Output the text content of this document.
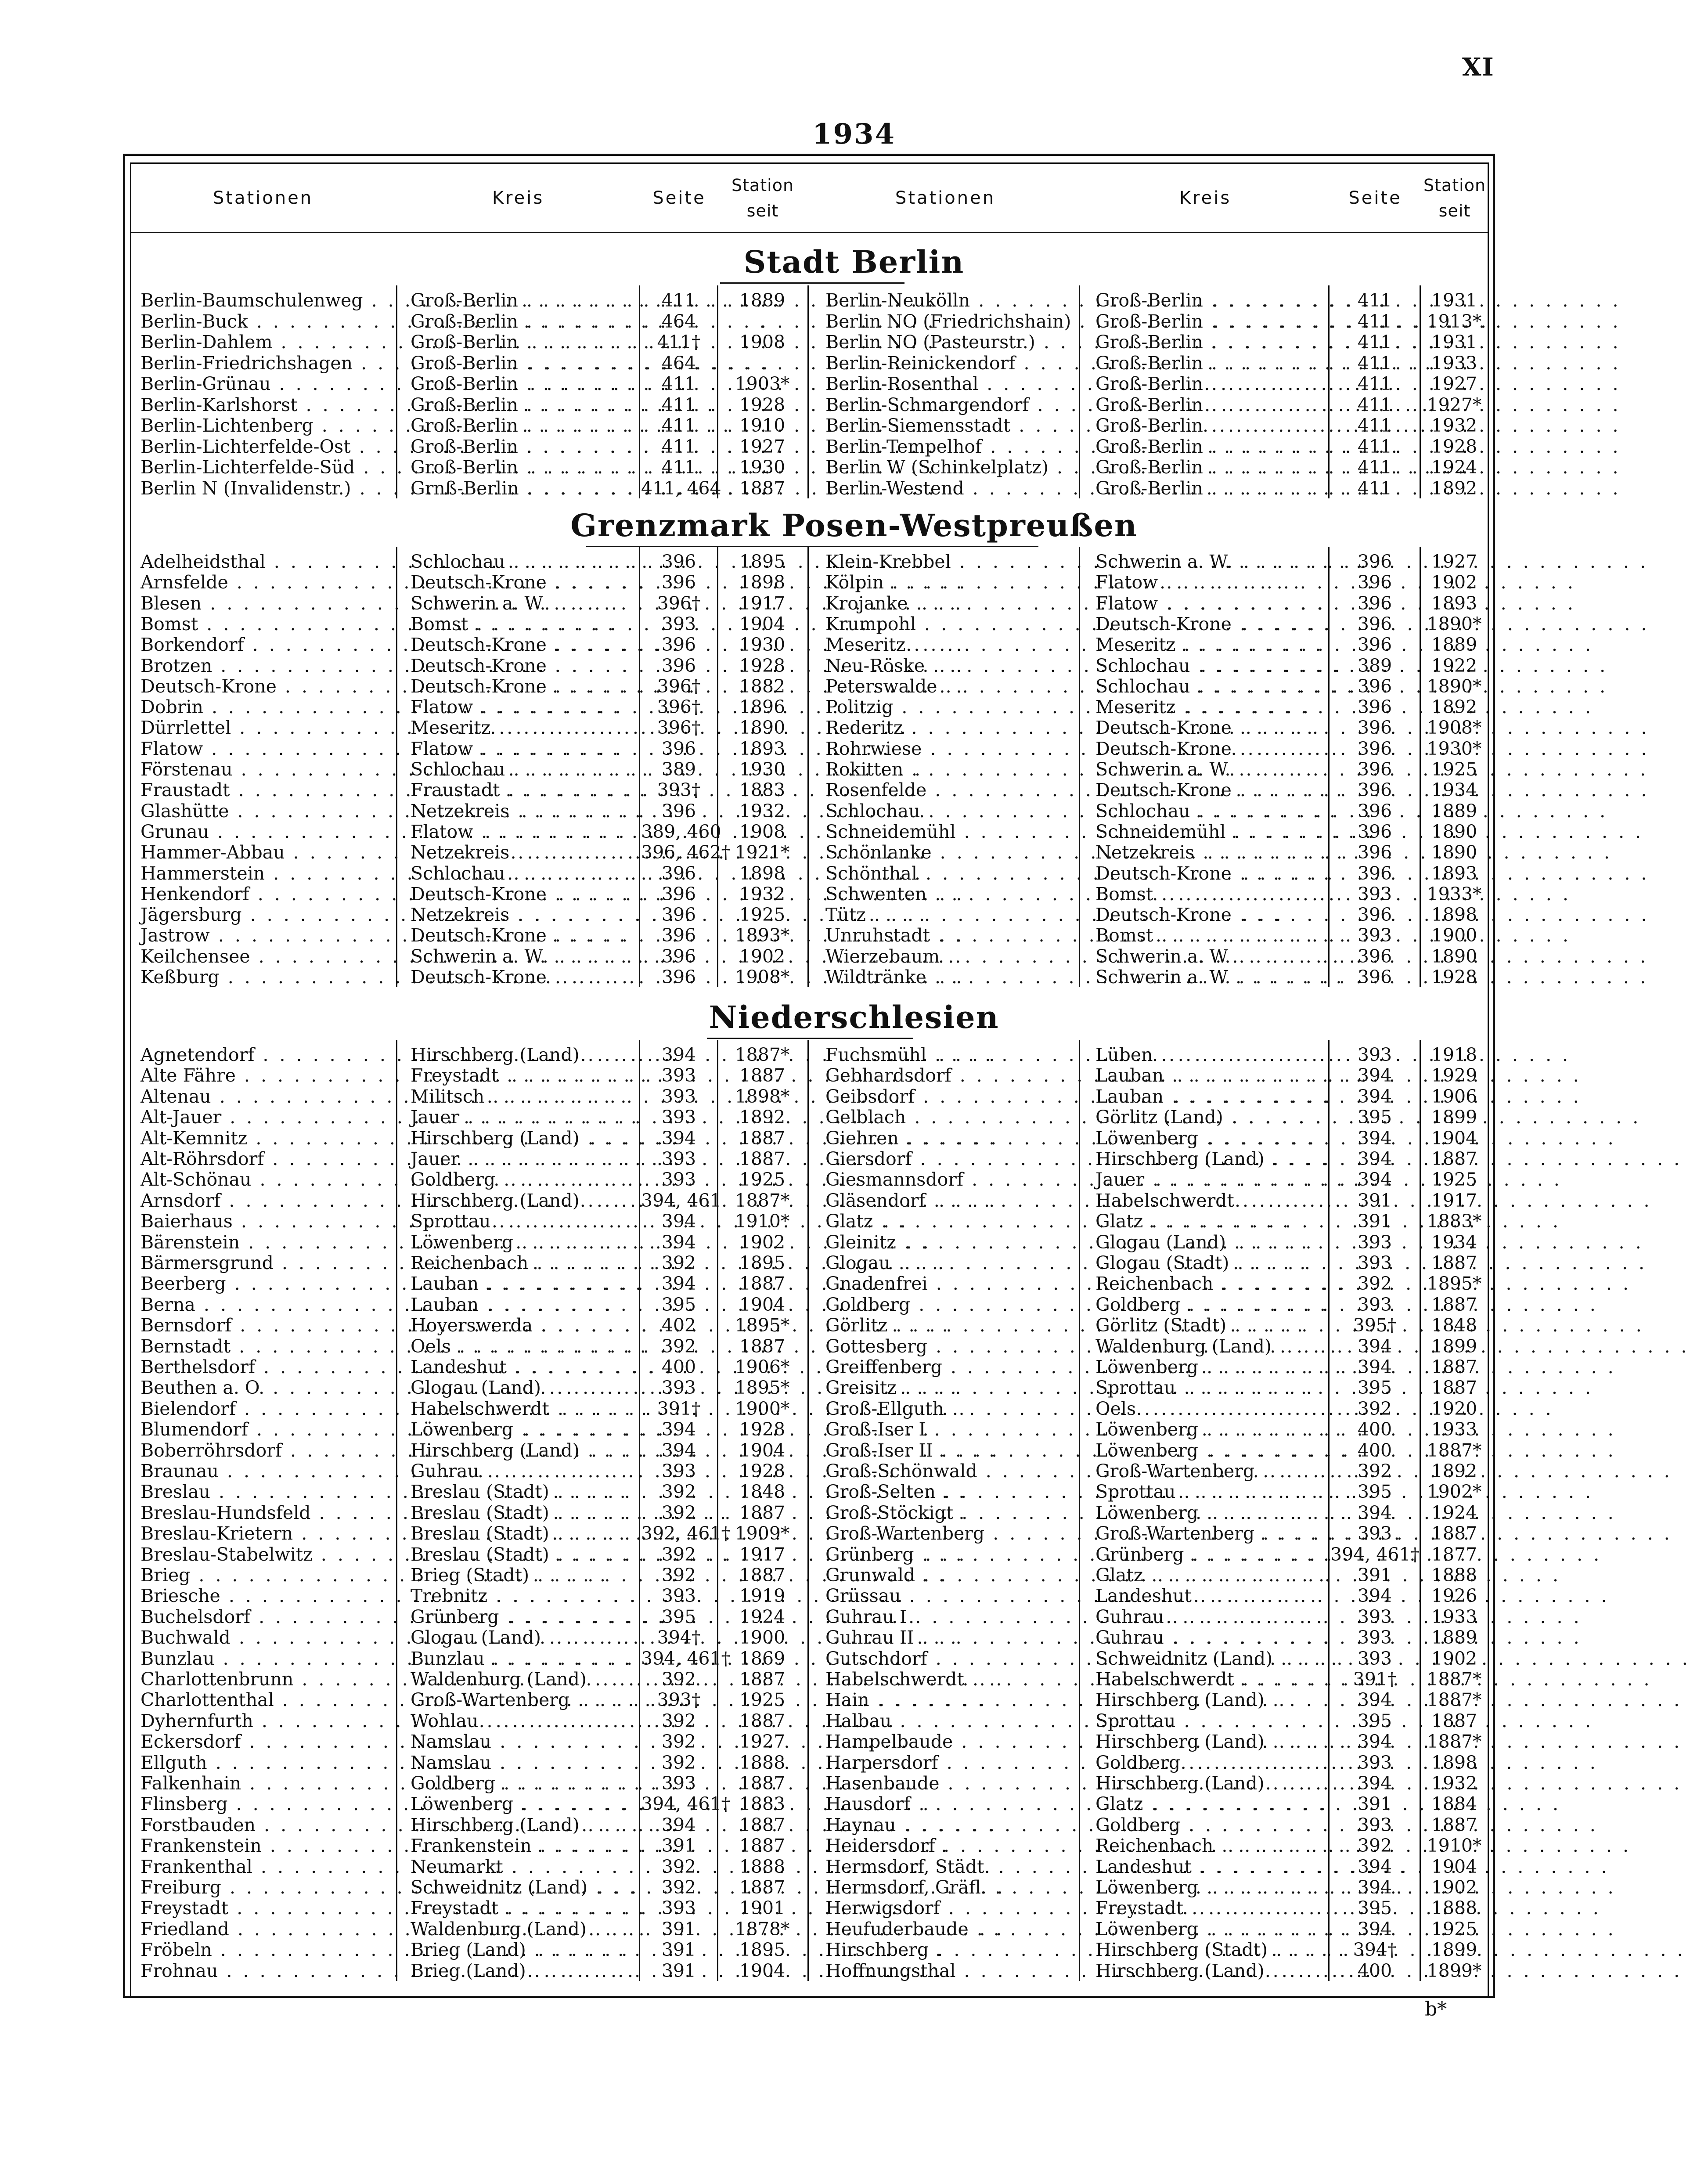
XI
1934
Stationen	Kreis	Seite
Station seit
Stationen	Kreis	Seite
Station seit
Stadt Berlin
Berlin-Baumschulenweg . . .	Groß-Berlin . . .	411	1889
Berlin-Buck . . .	Groß-Berlin . . .	464	.
Berlin-Dahlem . . .	Groß-Berlin . . .	411†	1908
Berlin-Friedrichshagen . . .	Groß-Berlin . . .	464
Berlin-Grünau . . .	Groß-Berlin . . .	411	1903*
Berlin-Karlshorst . . .	Groß-Berlin . . .	411	1928
Berlin-Lichtenberg . . .	Groß-Berlin . . .	411	1910
Berlin-Lichterfelde-Ost . . .	Groß-Berlin . . .	411	1927
Berlin-Lichterfelde-Süd . . .	Groß-Berlin . . .	411	1930
Berlin N (Invalidenstr.) . . .	Grnß-Berlin . . .	411, 464	1887
Berlin-Neukölln . . .	Groß-Berlin . . .	411	1931
Berlin NO (Friedrichshain) . . . Groß-Berlin . . .	411	1913*
Berlin NO (Pasteurstr.) . . .	Groß-Berlin . . .	411	1931
Berlin-Reinickendorf . . .	Groß-Berlin . . .	411	1933
Berlin-Rosenthal . . .	Groß-Berlin . . .	411	1927
Berlin-Schmargendorf . . .	Groß-Berlin . . .	411	1927*
Berlin-Siemensstadt . . .	Groß-Berlin . . .	411	1932
Berlin-Tempelhof . . .	Groß-Berlin . . .	411	1928
Berlin W (Schinkelplatz) . . .	Groß-Berlin . . .	411	1924
Berlin-Westend . . .	Groß-Berlin . . .	411	1892
Grenzmark Posen-Westpreußen
Adelheidsthal . . .	Schlochau . . .	396	1895
Arnsfelde . . .	Deutsch-Krone . . .	396	1898
Blesen . . .	Schwerin a. W. . . .	396†	1917
Bomst . . .	Bomst . . .	393	1904
Borkendorf . . .	Deutsch-Krone . . .	396	1930
Brotzen . . .	Deutsch-Krone . . .	396	1928
Deutsch-Krone . . .	Deutsch-Krone . . .	396†	1882
Dobrin . . .	Flatow . . .	396†	1896
Dürrlettel . . .	Meseritz . . .	396†	1890
Flatow . . .	Flatow . . .	396	1893
Förstenau . . .	Schlochau . . .	389	1930
Fraustadt . . .	Fraustadt . . .	393†	1883
Glashütte . . .	Netzekreis . . .	396	1932
Grunau . . .	Flatow . . .	389, 460	1908
Hammer-Abbau . . .	Netzekreis . . .	396, 462† 1921*
Hammerstein . . .	Schlochau . . .	396	1898
Henkendorf . . .	Deutsch-Krone . . .	396	1932
Jägersburg . . .	Netzekreis . . .	396	1925
Jastrow . . .	Deutsch-Krone . . .	396	1893*
Keilchensee . . .	Schwerin a. W. . . .	396	1902
Keßburg . . .	Deutsch-Krone . . .	396	1908*
Klein-Krebbel . . .	Schwerin a. W. . . .	396	1927
Kölpin . . .	Flatow . . .	396	1902
Krojanke . . .	Flatow . . .	396	1893
Krumpohl . . .	Deutsch-Krone . . .	396	1890*
Meseritz . . .	Meseritz . . .	396	1889
Neu-Röske . . .	Schlochau . . .	389	1922
Peterswalde . . .	Schlochau . . .	396	1890*
Politzig . . .	Meseritz . . .	396	1892
Rederitz . . .	Deutsch-Krone . . .	396	1908*
Rohrwiese . . .	Deutsch-Krone . . .	396	1930*
Rokitten . . .	Schwerin a. W. . . .	396	1925
Rosenfelde . . .	Deutsch-Krone . . .	396	1934
Schlochau . . .	Schlochau . . .	396	1889
Schneidemühl . . .	Schneidemühl . . .	396	1890
Schönlanke . . .	Netzekreis . . .	396	1890
Schönthal . . .	Deutsch-Krone . . .	396	1893
Schwenten . . .	Bomst . . .	393	1933*
Tütz . . .	Deutsch-Krone . . .	396	1898
Unruhstadt . . .	Bomst . . .	393	1900
Wierzebaum . . .	Schwerin a. W. . . .	396	1890
Wildtränke . . .	Schwerin a. W. . . .	396	1928
Niederschlesien
Agnetendorf . . .	Hirschberg (Land) . . .	394	1887*
Alte Fähre . . .	Freystadt . . .	393	1887
Altenau . . .	Militsch . . .	393	1898*
Alt-Jauer . . .	Jauer . . .	393	1892
Alt-Kemnitz . . .	Hirschberg (Land) . . .	394	1887
Alt-Röhrsdorf . . .	Jauer . . .	393	1887
Alt-Schönau . . .	Goldberg . . .	393	1925
Arnsdorf . . .	Hirschberg (Land) . . .	394, 461 1887*
Baierhaus . . .	Sprottau . . .	394	1910*
Bärenstein . . .	Löwenberg . . .	394	1902
Bärmersgrund . . .	Reichenbach . . .	392	1895
Beerberg . . .	Lauban . . .	394	1887
Berna . . .	Lauban . . .	395	1904
Bernsdorf . . .	Hoyerswerda . . .	402	1895*
Bernstadt . . .	Oels . . .	392	1887
Berthelsdorf . . .	Landeshut . . .	400	1906*
Beuthen a. O. . . .	Glogau (Land) . . .	393	1895*
Bielendorf . . .	Habelschwerdt . . .	391†	1900*
Blumendorf . . .	Löwenberg . . .	394	1928
Boberröhrsdorf . . .	Hirschberg (Land) . . .	394	1904
Braunau . . .	Guhrau . . .	393	1928
Breslau . . .	Breslau (Stadt) . . .	392	1848
Breslau-Hundsfeld . . .	Breslau (Stadt) . . .	392	1887
Breslau-Krietern . . .	Breslau (Stadt) . . .	392, 461† 1909*
Breslau-Stabelwitz . . .	Breslau (Stadt) . . .	392	1917
Brieg . . .	Brieg (Stadt) . . .	392	1887
Briesche . . .	Trebnitz . . .	393	1919
Buchelsdorf . . .	Grünberg . . .	395	1924
Buchwald . . .	Glogau (Land) . . .	394†	1900
Bunzlau . . .	Bunzlau . . .	394, 461† 1869
Charlottenbrunn . . .	Waldenburg (Land) . . .	392	1887
Charlottenthal . . .	Groß-Wartenberg . . .	393†	1925
Dyhernfurth . . .	Wohlau . . .	392	1887
Eckersdorf . . .	Namslau . . .	392	1927
Ellguth . . .	Namslau . . .	392	1888
Falkenhain . . .	Goldberg . . .	393	1887
Flinsberg . . .	Löwenberg . . .	394, 461† 1883
Forstbauden . . .	Hirschberg (Land) . . .	394	1887
Frankenstein . . .	Frankenstein . . .	391	1887
Frankenthal . . .	Neumarkt . . .	392	1888
Freiburg . . .	Schweidnitz (Land) . . .	392	1887
Freystadt . . .	Freystadt . . .	393	1901
Friedland . . .	Waldenburg (Land) . . .	391	1878*
Fröbeln . . .	Brieg (Land) . . .	391	1895
Frohnau . . .	Brieg (Land) . . .	391	1904
Fuchsmühl . . .	Lüben . . .	393	1918
Gebhardsdorf . . .	Lauban . . .	394	1929
Geibsdorf . . .	Lauban . . .	394	1906
Gelblach . . .	Görlitz (Land) . . .	395	1899
Giehren . . .	Löwenberg . . .	394	1904
Giersdorf . . .	Hirschberg (Land) . . .	394	1887
Giesmannsdorf . . .	Jauer . . .	394	1925
Gläsendorf . . .	Habelschwerdt . . .	391	1917
Glatz . . .	Glatz . . .	391	1883*
Gleinitz . . .	Glogau (Land) . . .	393	1934
Glogau . . .	Glogau (Stadt) . . .	393	1887
Gnadenfrei . . .	Reichenbach . . .	392	1895*
Goldberg . . .	Goldberg . . .	393	1887
Görlitz . . .	Görlitz (Stadt) . . .	395†	1848
Gottesberg . . .	Waldenburg (Land) . . .	394	1899
Greiffenberg . . .	Löwenberg . . .	394	1887
Greisitz . . .	Sprottau . . .	395	1887
Groß-Ellguth . . .	Oels . . .	392	1920
Groß-Iser I . . .	Löwenberg . . .	400	1933
Groß-Iser II . . .	Löwenberg . . .	400	1887*
Groß-Schönwald . . .	Groß-Wartenberg . . .	392	1892
Groß-Selten . . .	Sprottau . . .	395	1902*
Groß-Stöckigt . . .	Löwenberg . . .	394	1924
Groß-Wartenberg . . .	Groß-Wartenberg . . .	393	1887
Grünberg . . .	Grünberg . . .	394, 461† 1877
Grunwald . . .	Glatz . . .	391	1888
Grüssau . . .	Landeshut . . .	394	1926
Guhrau I . . .	Guhrau . . .	393	1933
Guhrau II . . .	Guhrau . . .	393	1889
Gutschdorf . . .	Schweidnitz (Land) . . .	393	1902
Habelschwerdt . . .	Habelschwerdt . . .	391†	1887*
Hain . . .	Hirschberg (Land) . . .	394	1887*
Halbau . . .	Sprottau . . .	395	1887
Hampelbaude . . .	Hirschberg (Land) . . .	394	1887*
Harpersdorf . . .	Goldberg . . .	393	1898
Hasenbaude . . .	Hirschberg (Land) . . .	394	1932
Hausdorf . . .	Glatz . . .	391	1884
Haynau . . .	Goldberg . . .	393	1887
Heidersdorf . . .	Reichenbach . . .	392	1910*
Hermsdorf, Städt. . . .	Landeshut . . .	394	1904
Hermsdorf, Gräfl. . . .	Löwenberg . . .	394	1902
Herwigsdorf . . .	Freystadt . . .	395	1888
Heufuderbaude . . .	Löwenberg . . .	394	1925
Hirschberg . . .	Hirschberg (Stadt) . . .	394†	1899
Hoffnungsthal . . .	Hirschberg (Land) . . .	400	1899*
b*
